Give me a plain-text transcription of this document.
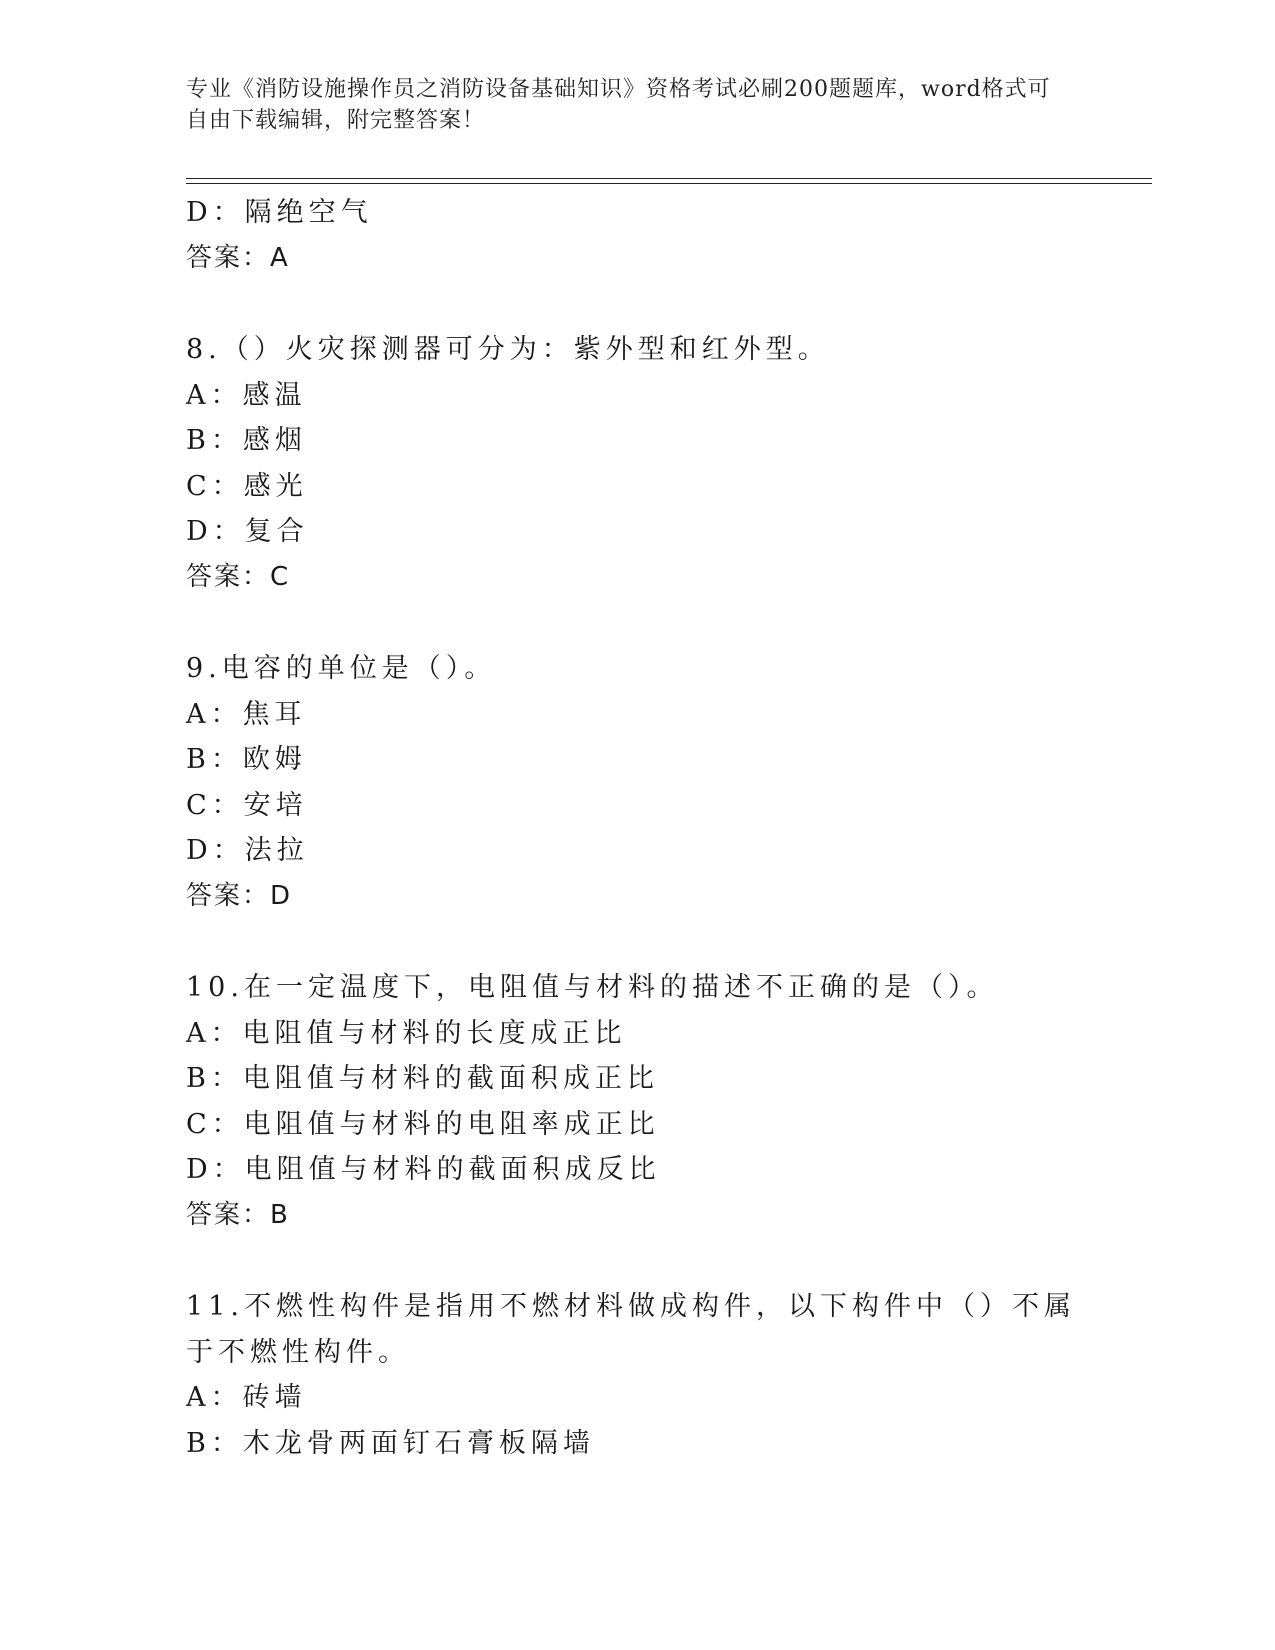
专业《消防设施操作员之消防设备基础知识》资格考试必刷200题题库，word格式可自由下载编辑，附完整答案！
D：隔绝空气
答案：A
8.（）火灾探测器可分为：紫外型和红外型。
A：感温
B：感烟
C：感光
D：复合
答案：C
9.电容的单位是（）。
A：焦耳
B：欧姆
C：安培
D：法拉
答案：D
10.在一定温度下，电阻值与材料的描述不正确的是（）。
A：电阻值与材料的长度成正比
B：电阻值与材料的截面积成正比
C：电阻值与材料的电阻率成正比
D：电阻值与材料的截面积成反比
答案：B
11.不燃性构件是指用不燃材料做成构件，以下构件中（）不属于不燃性构件。
A：砖墙
B：木龙骨两面钉石膏板隔墙
